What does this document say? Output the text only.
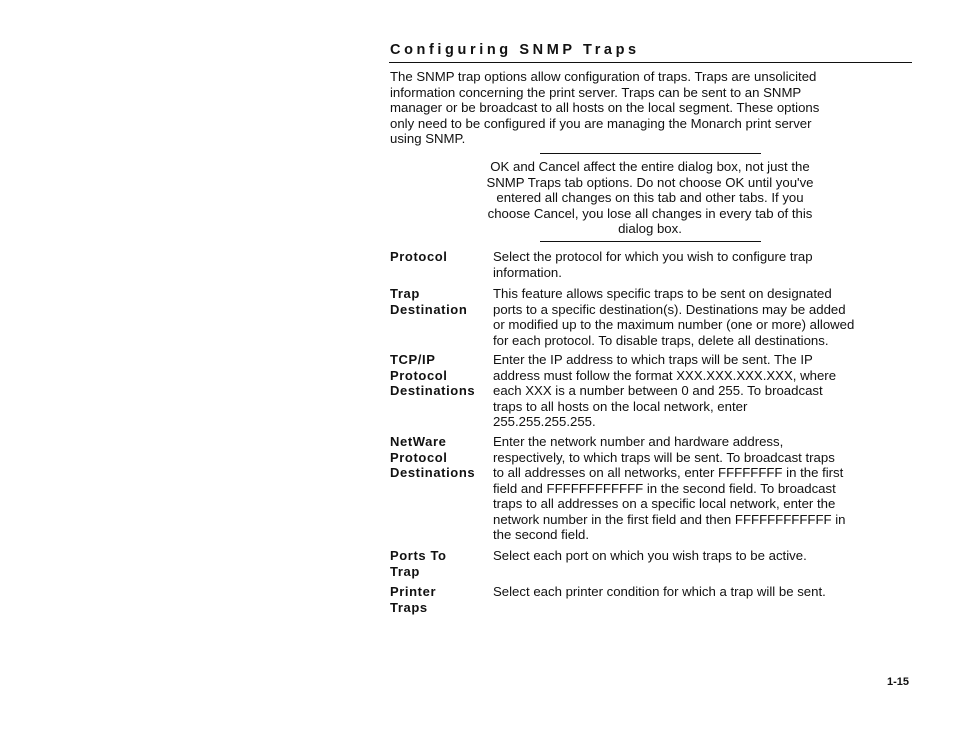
Configuring SNMP Traps
The SNMP trap options allow configuration of traps. Traps are unsolicited
information concerning the print server. Traps can be sent to an SNMP
manager or be broadcast to all hosts on the local segment. These options
only need to be configured if you are managing the Monarch print server
using SNMP.
OK and Cancel affect the entire dialog box, not just the
SNMP Traps tab options. Do not choose OK until you've
entered all changes on this tab and other tabs. If you
choose Cancel, you lose all changes in every tab of this
dialog box.
Protocol	Select the protocol for which you wish to configure trap
information.
Trap
Destination
This feature allows specific traps to be sent on designated
ports to a specific destination(s). Destinations may be added
or modified up to the maximum number (one or more) allowed
for each protocol. To disable traps, delete all destinations.
TCP/IP
Protocol
Destinations
Enter the IP address to which traps will be sent. The IP
address must follow the format XXX.XXX.XXX.XXX, where
each XXX is a number between 0 and 255. To broadcast
traps to all hosts on the local network, enter
255.255.255.255.
NetWare
Protocol
Destinations
Enter the network number and hardware address,
respectively, to which traps will be sent. To broadcast traps
to all addresses on all networks, enter FFFFFFFF in the first
field and FFFFFFFFFFFF in the second field. To broadcast
traps to all addresses on a specific local network, enter the
network number in the first field and then FFFFFFFFFFFF in
the second field.
Ports To
Trap
Select each port on which you wish traps to be active.
Printer
Traps
Select each printer condition for which a trap will be sent.
1-15
